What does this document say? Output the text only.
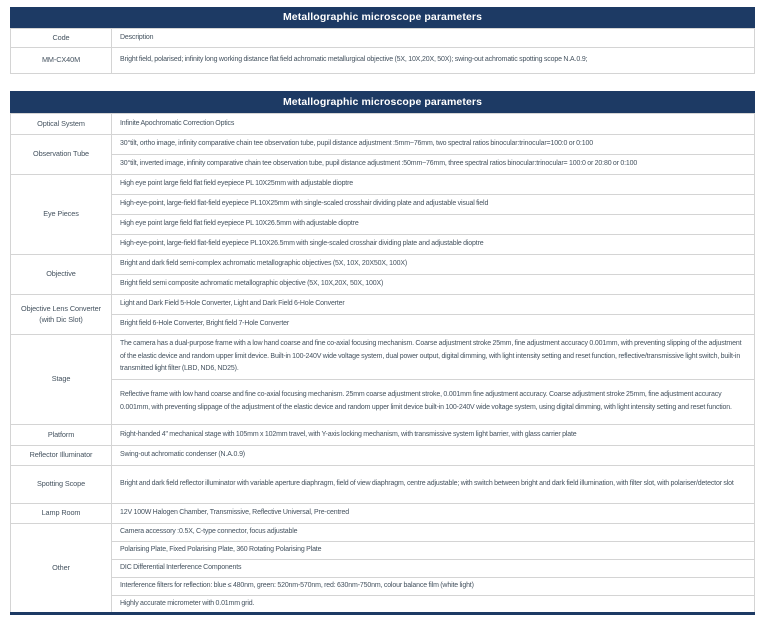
Metallographic microscope parameters
Code	Description
MM-CX40M	Bright field, polarised; infinity long working distance flat field achromatic metallurgical objective (5X, 10X,20X, 50X); swing-out achromatic spotting scope N.A.0.9;
Metallographic microscope parameters
Optical System	Infinite Apochromatic Correction Optics
Observation Tube	30°tilt, ortho image, infinity comparative chain tee observation tube, pupil distance adjustment :5mm~76mm, two spectral ratios binocular:trinocular=100:0 or 0:100
	30°tilt, inverted image, infinity comparative chain tee observation tube, pupil distance adjustment :50mm~76mm, three spectral ratios binocular:trinocular= 100:0 or 20:80 or 0:100
Eye Pieces	High eye point large field flat field eyepiece PL 10X25mm with adjustable dioptre
	High-eye-point, large-field flat-field eyepiece PL10X25mm with single-scaled crosshair dividing plate and adjustable visual field
	High eye point large field flat field eyepiece PL 10X26.5mm with adjustable dioptre
	High-eye-point, large-field flat-field eyepiece PL10X26.5mm with single-scaled crosshair dividing plate and adjustable dioptre
Objective	Bright and dark field semi-complex achromatic metallographic objectives (5X, 10X, 20X50X, 100X)
	Bright field semi composite achromatic metallographic objective (5X, 10X,20X, 50X, 100X)
Objective Lens Converter (with Dic Slot)	Light and Dark Field 5-Hole Converter, Light and Dark Field 6-Hole Converter
	Bright field 6-Hole Converter, Bright field 7-Hole Converter
Stage	The camera has a dual-purpose frame with a low hand coarse and fine co-axial focusing mechanism. Coarse adjustment stroke 25mm, fine adjustment accuracy 0.001mm, with preventing slipping of the adjustment of the elastic device and random upper limit device. Built-in 100-240V wide voltage system, dual power output, digital dimming, with light intensity setting and reset function, reflective/transmissive light switch, built-in transmitted light filter (LBD, ND6, ND25).
	Reflective frame with low hand coarse and fine co-axial focusing mechanism. 25mm coarse adjustment stroke, 0.001mm fine adjustment accuracy. Coarse adjustment stroke 25mm, fine adjustment accuracy 0.001mm, with preventing slippage of the adjustment of the elastic device and random upper limit device built-in 100-240V wide voltage system, using digital dimming, with light intensity setting and reset function.
Platform	Right-handed 4" mechanical stage with 105mm x 102mm travel, with Y-axis locking mechanism, with transmissive system light barrier, with glass carrier plate
Reflector Illuminator	Swing-out achromatic condenser (N.A.0.9)
Spotting Scope	Bright and dark field reflector illuminator with variable aperture diaphragm, field of view diaphragm, centre adjustable; with switch between bright and dark field illumination, with filter slot, with polariser/detector slot
Lamp Room	12V 100W Halogen Chamber, Transmissive, Reflective Universal, Pre-centred
Other	Camera accessory :0.5X, C-type connector, focus adjustable
	Polarising Plate, Fixed Polarising Plate, 360 Rotating Polarising Plate
	DIC Differential Interference Components
	Interference filters for reflection: blue ≤ 480nm, green: 520nm-570nm, red: 630nm-750nm, colour balance film (white light)
	Highly accurate micrometer with 0.01mm grid.
